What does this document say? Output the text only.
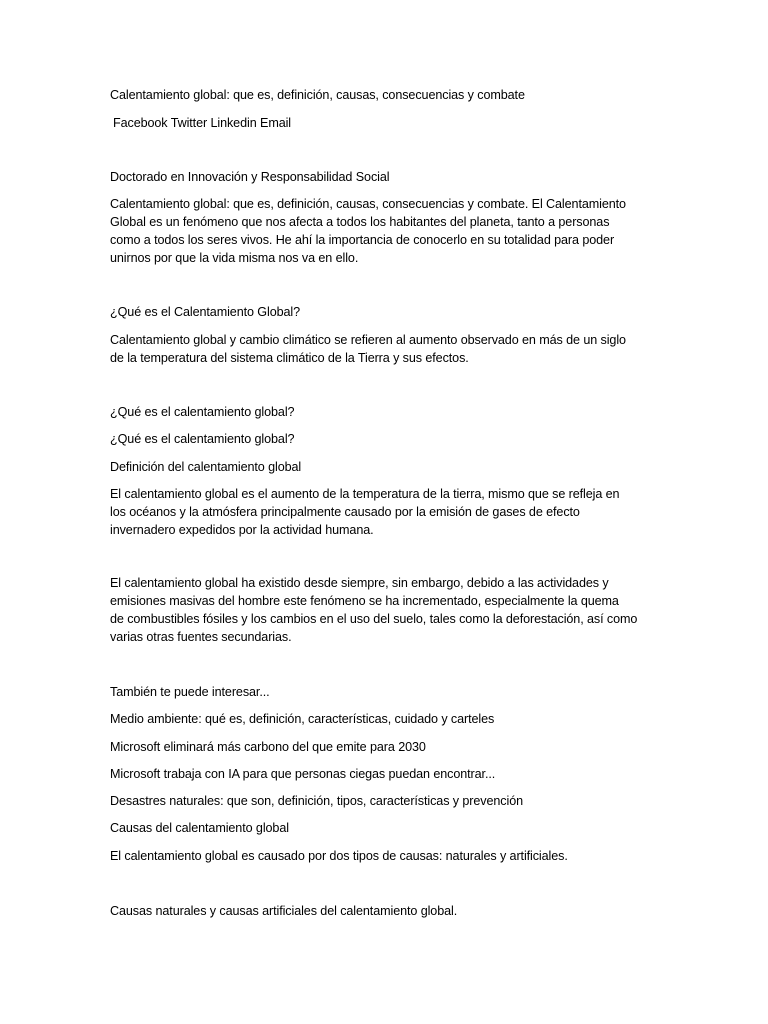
Calentamiento global: que es, definición, causas, consecuencias y combate
Facebook Twitter Linkedin Email
Doctorado en Innovación y Responsabilidad Social
Calentamiento global: que es, definición, causas, consecuencias y combate. El Calentamiento
Global es un fenómeno que nos afecta a todos los habitantes del planeta, tanto a personas
como a todos los seres vivos. He ahí la importancia de conocerlo en su totalidad para poder
unirnos por que la vida misma nos va en ello.
¿Qué es el Calentamiento Global?
Calentamiento global y cambio climático se refieren al aumento observado en más de un siglo
de la temperatura del sistema climático de la Tierra y sus efectos.
¿Qué es el calentamiento global?
¿Qué es el calentamiento global?
Definición del calentamiento global
El calentamiento global es el aumento de la temperatura de la tierra, mismo que se refleja en
los océanos y la atmósfera principalmente causado por la emisión de gases de efecto
invernadero expedidos por la actividad humana.
El calentamiento global ha existido desde siempre, sin embargo, debido a las actividades y
emisiones masivas del hombre este fenómeno se ha incrementado, especialmente la quema
de combustibles fósiles y los cambios en el uso del suelo, tales como la deforestación, así como
varias otras fuentes secundarias.
También te puede interesar...
Medio ambiente: qué es, definición, características, cuidado y carteles
Microsoft eliminará más carbono del que emite para 2030
Microsoft trabaja con IA para que personas ciegas puedan encontrar...
Desastres naturales: que son, definición, tipos, características y prevención
Causas del calentamiento global
El calentamiento global es causado por dos tipos de causas: naturales y artificiales.
Causas naturales y causas artificiales del calentamiento global.
